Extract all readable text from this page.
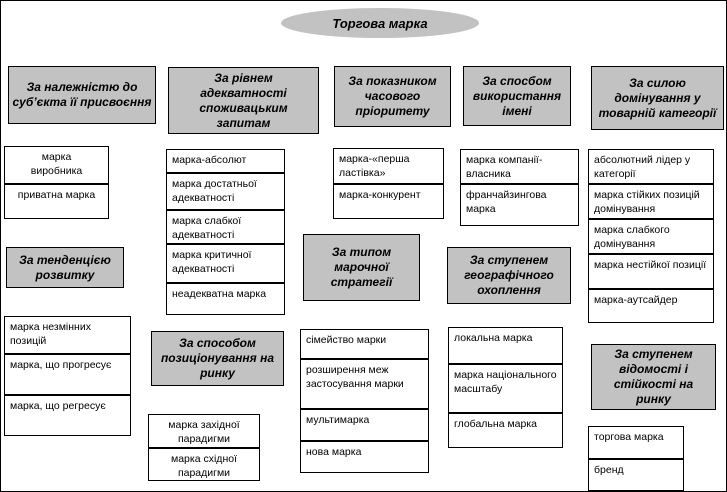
Торгова марка
За належністю до суб’єкта її присвоєння
За рівнем адекватності споживацьким запитам
За показником часового пріоритету
За спосбом використання імені
За силою домінування у товарній категорії
За тенденцією розвитку
За способом позиціонування на ринку
За типом марочної стратегії
За ступенем географічного охоплення
За ступенем відомості і стійкості на ринку
марка виробника
приватна марка
марка-абсолют
марка достатньої адекватності
марка слабкої адекватності
марка критичної адекватності
неадекватна марка
марка-«перша ластівка»
марка-конкурент
марка компанії-власника
франчайзингова марка
абсолютний лідер у категорії
марка стійких позицій домінування
марка слабкого домінування
марка нестійкої позиції
марка-аутсайдер
марка незмінних позицій
марка, що прогресує
марка, що регресує
марка західної парадигми
марка східної парадигми
сімейство марки
розширення меж застосування марки
мультимарка
нова марка
локальна марка
марка національного масштабу
глобальна марка
торгова марка
бренд
